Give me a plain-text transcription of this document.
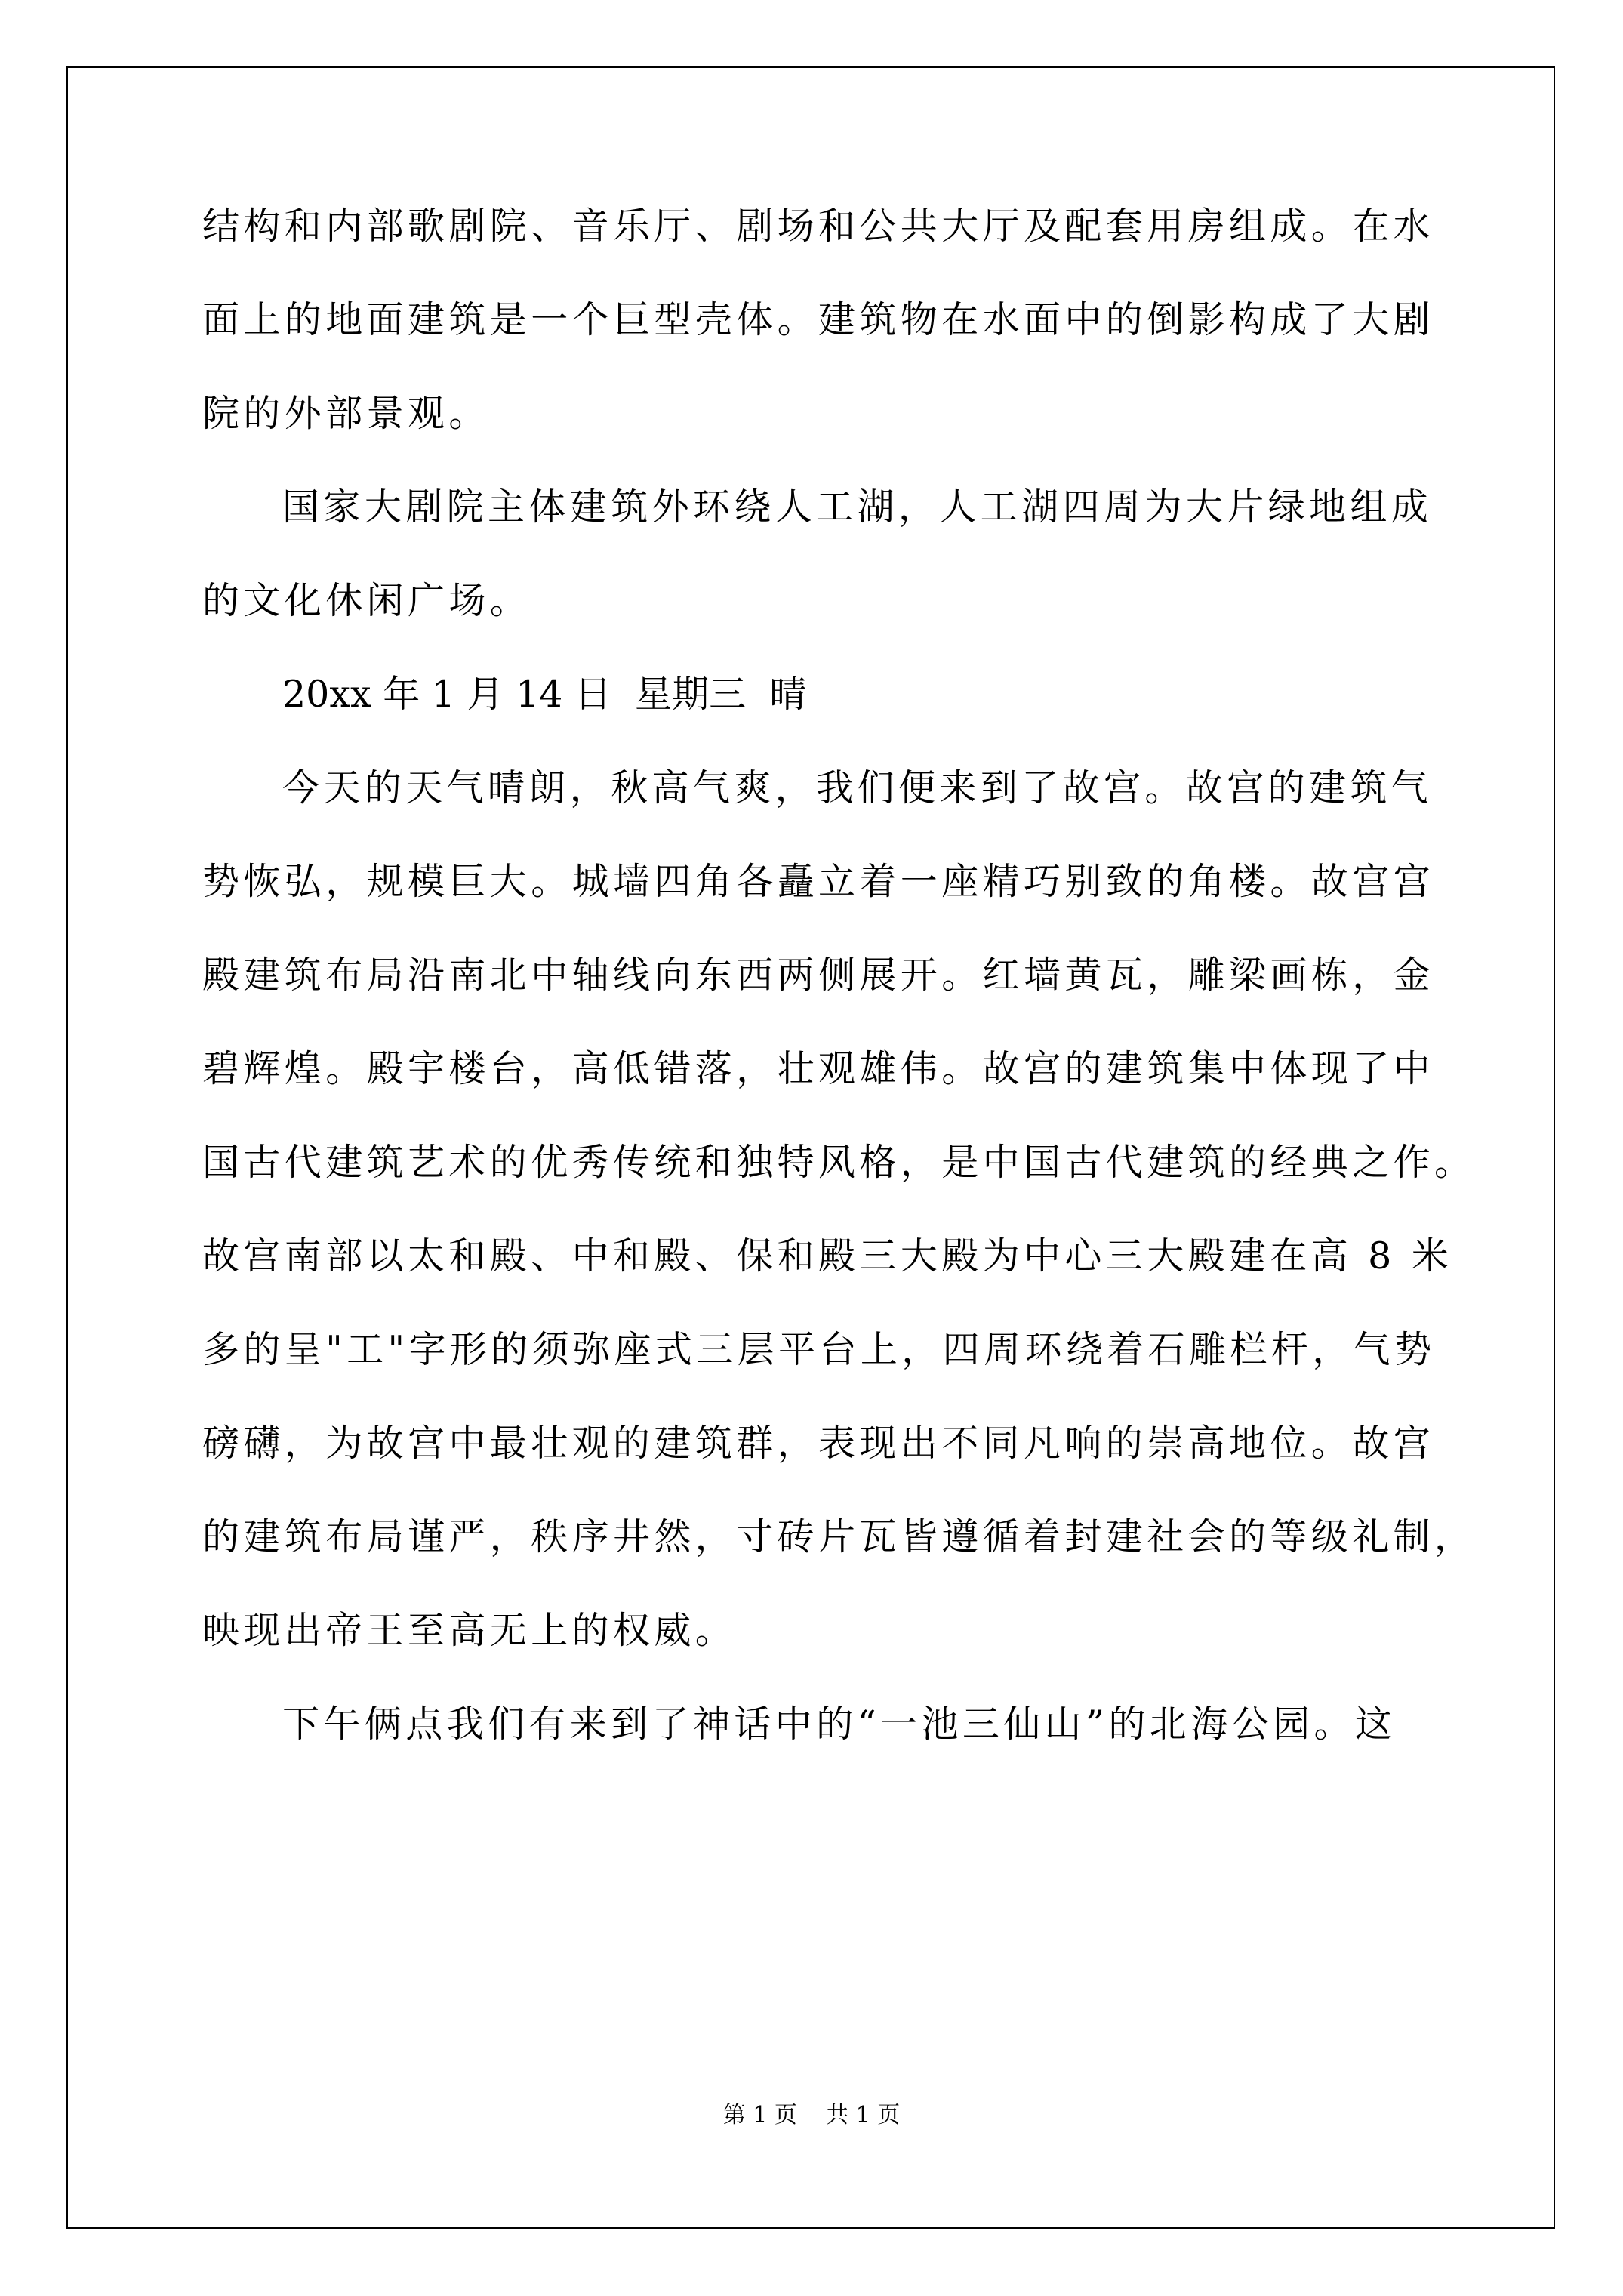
结构和内部歌剧院、音乐厅、剧场和公共大厅及配套用房组成。在水
面上的地面建筑是一个巨型壳体。建筑物在水面中的倒影构成了大剧
院的外部景观。
国家大剧院主体建筑外环绕人工湖，人工湖四周为大片绿地组成
的文化休闲广场。
20xx 年 1 月 14 日  星期三  晴
今天的天气晴朗，秋高气爽，我们便来到了故宫。故宫的建筑气
势恢弘，规模巨大。城墙四角各矗立着一座精巧别致的角楼。故宫宫
殿建筑布局沿南北中轴线向东西两侧展开。红墙黄瓦，雕梁画栋，金
碧辉煌。殿宇楼台，高低错落，壮观雄伟。故宫的建筑集中体现了中
国古代建筑艺术的优秀传统和独特风格，是中国古代建筑的经典之作。
故宫南部以太和殿、中和殿、保和殿三大殿为中心三大殿建在高 8 米
多的呈"工"字形的须弥座式三层平台上，四周环绕着石雕栏杆，气势
磅礴，为故宫中最壮观的建筑群，表现出不同凡响的崇高地位。故宫
的建筑布局谨严，秩序井然，寸砖片瓦皆遵循着封建社会的等级礼制，
映现出帝王至高无上的权威。
下午俩点我们有来到了神话中的“一池三仙山”的北海公园。这
第 1 页    共 1 页
